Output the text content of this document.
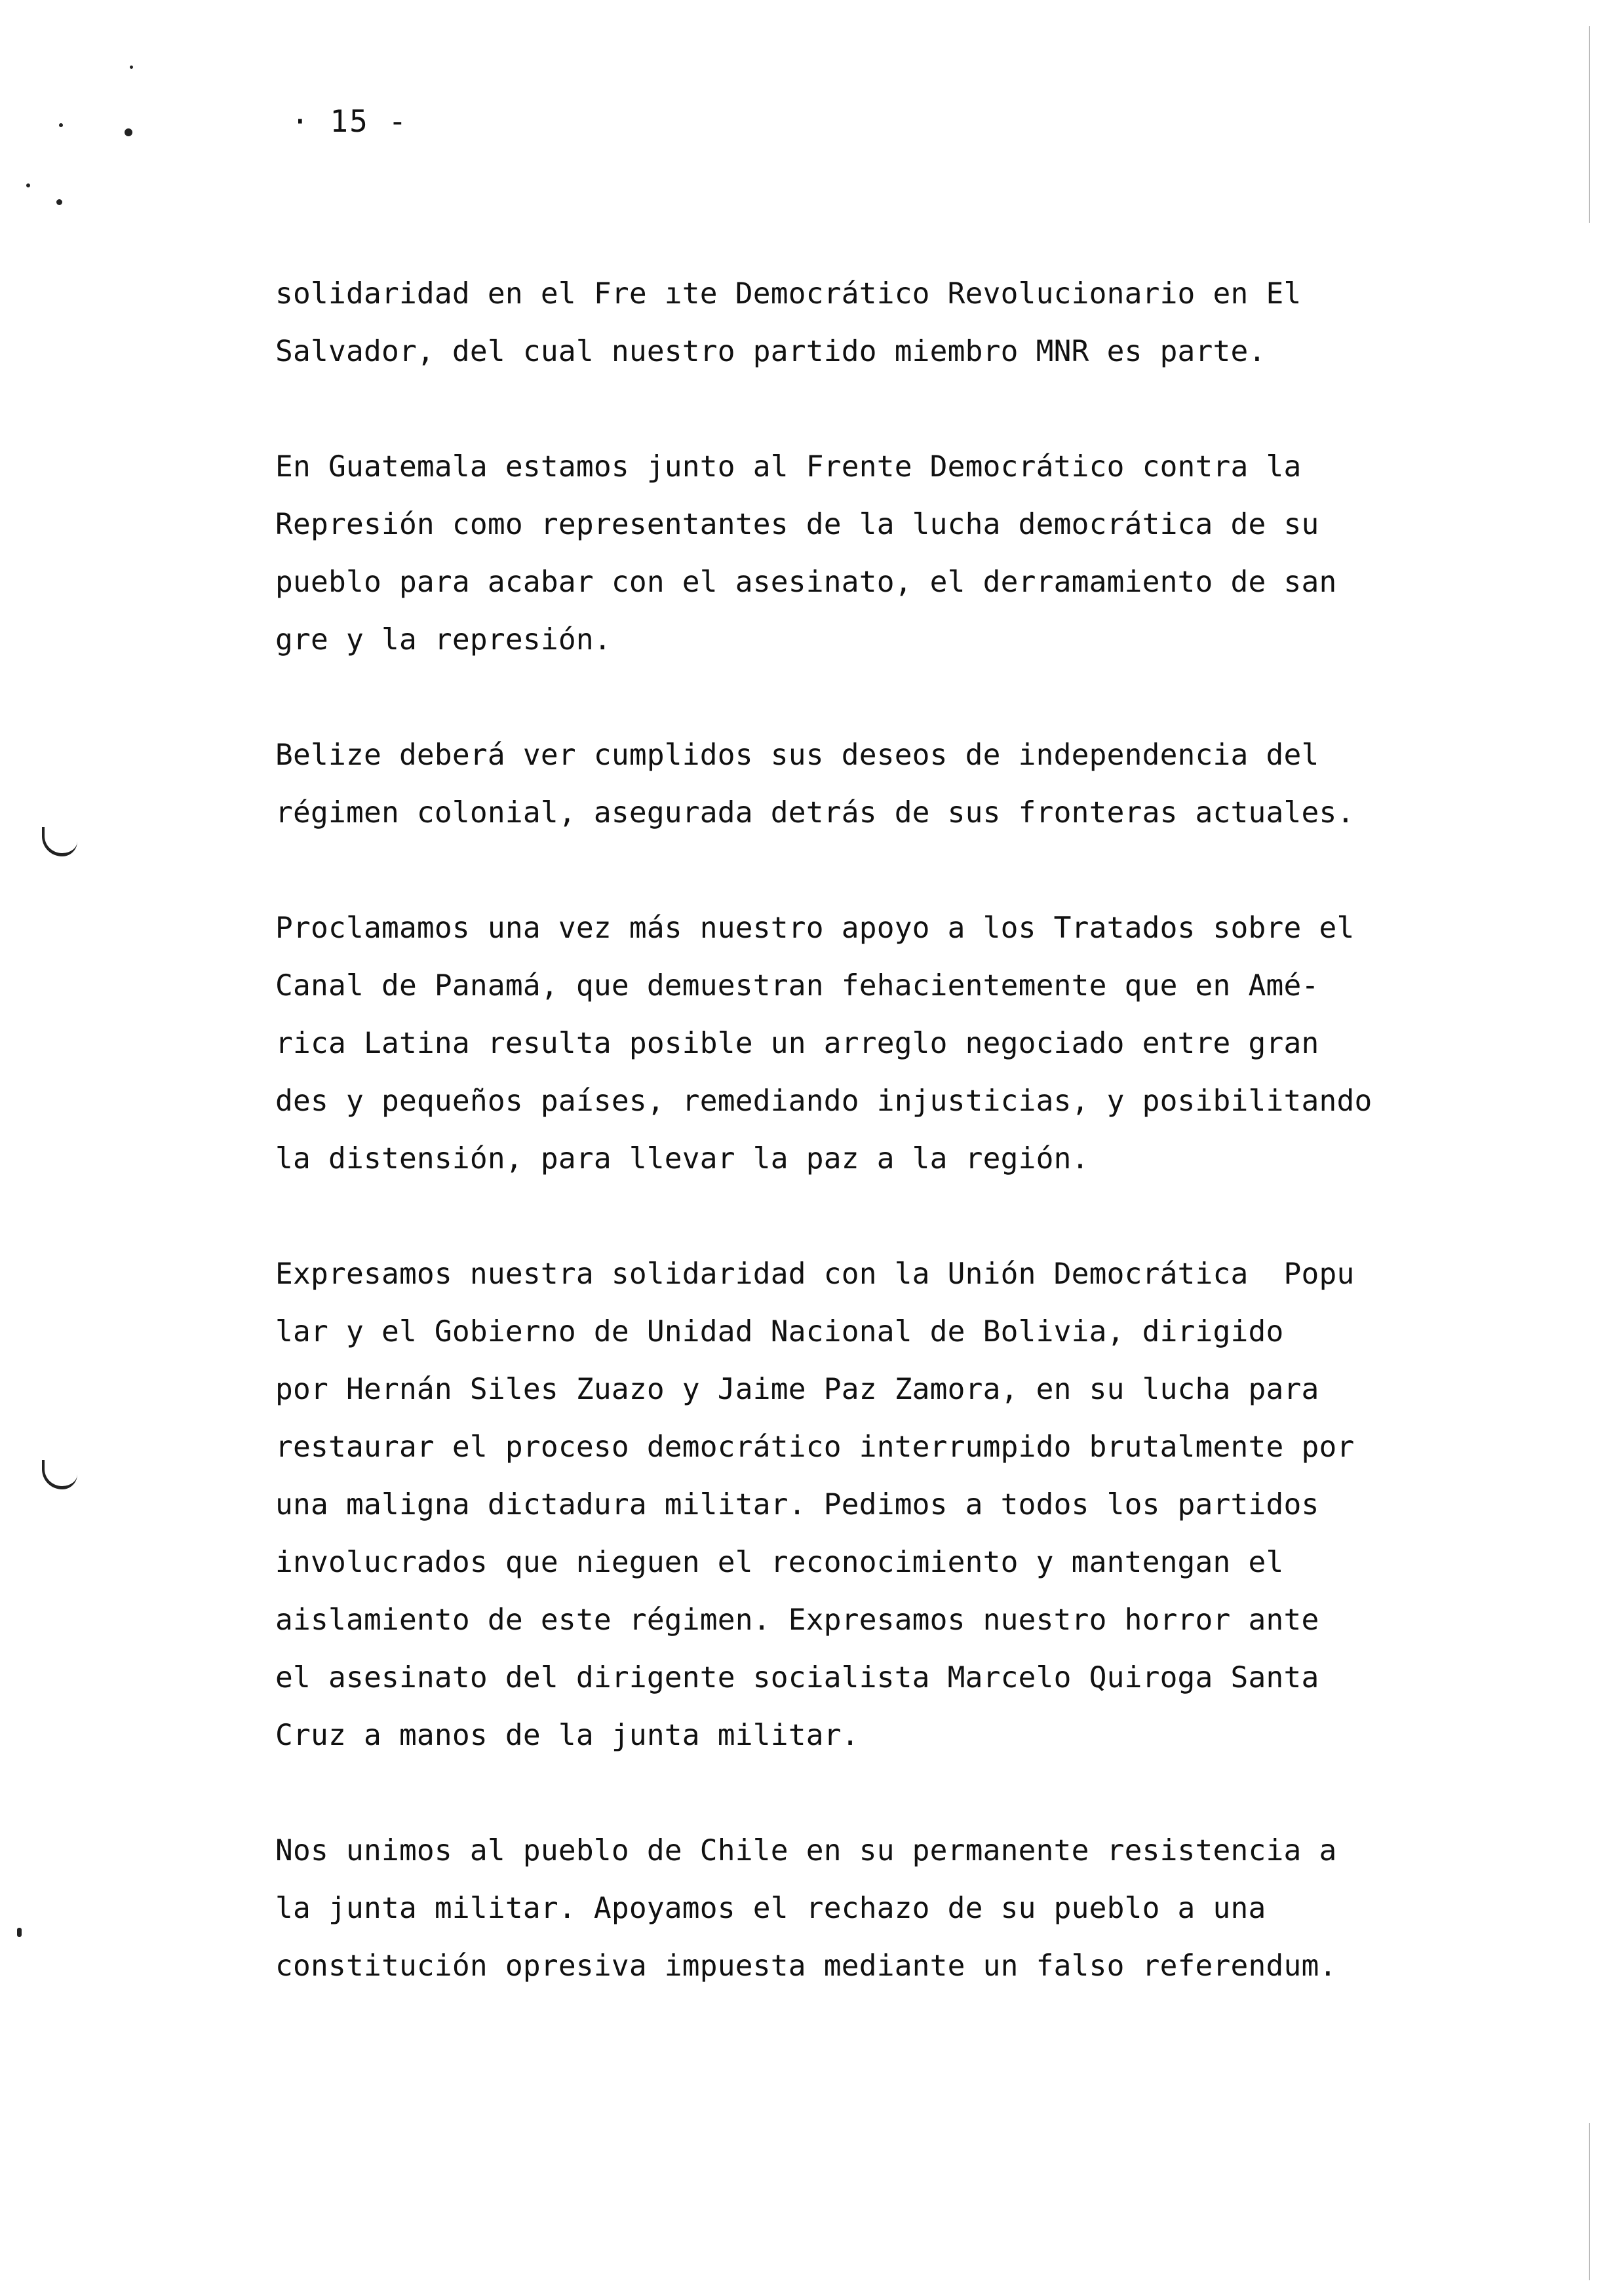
· 15 -
solidaridad en el Fre ıte Democrático Revolucionario en El
Salvador, del cual nuestro partido miembro MNR es parte.
En Guatemala estamos junto al Frente Democrático contra la
Represión como representantes de la lucha democrática de su
pueblo para acabar con el asesinato, el derramamiento de san
gre y la represión.
Belize deberá ver cumplidos sus deseos de independencia del
régimen colonial, asegurada detrás de sus fronteras actuales.
Proclamamos una vez más nuestro apoyo a los Tratados sobre el
Canal de Panamá, que demuestran fehacientemente que en Amé-
rica Latina resulta posible un arreglo negociado entre gran
des y pequeños países, remediando injusticias, y posibilitando
la distensión, para llevar la paz a la región.
Expresamos nuestra solidaridad con la Unión Democrática  Popu
lar y el Gobierno de Unidad Nacional de Bolivia, dirigido
por Hernán Siles Zuazo y Jaime Paz Zamora, en su lucha para
restaurar el proceso democrático interrumpido brutalmente por
una maligna dictadura militar. Pedimos a todos los partidos
involucrados que nieguen el reconocimiento y mantengan el
aislamiento de este régimen. Expresamos nuestro horror ante
el asesinato del dirigente socialista Marcelo Quiroga Santa
Cruz a manos de la junta militar.
Nos unimos al pueblo de Chile en su permanente resistencia a
la junta militar. Apoyamos el rechazo de su pueblo a una
constitución opresiva impuesta mediante un falso referendum.
